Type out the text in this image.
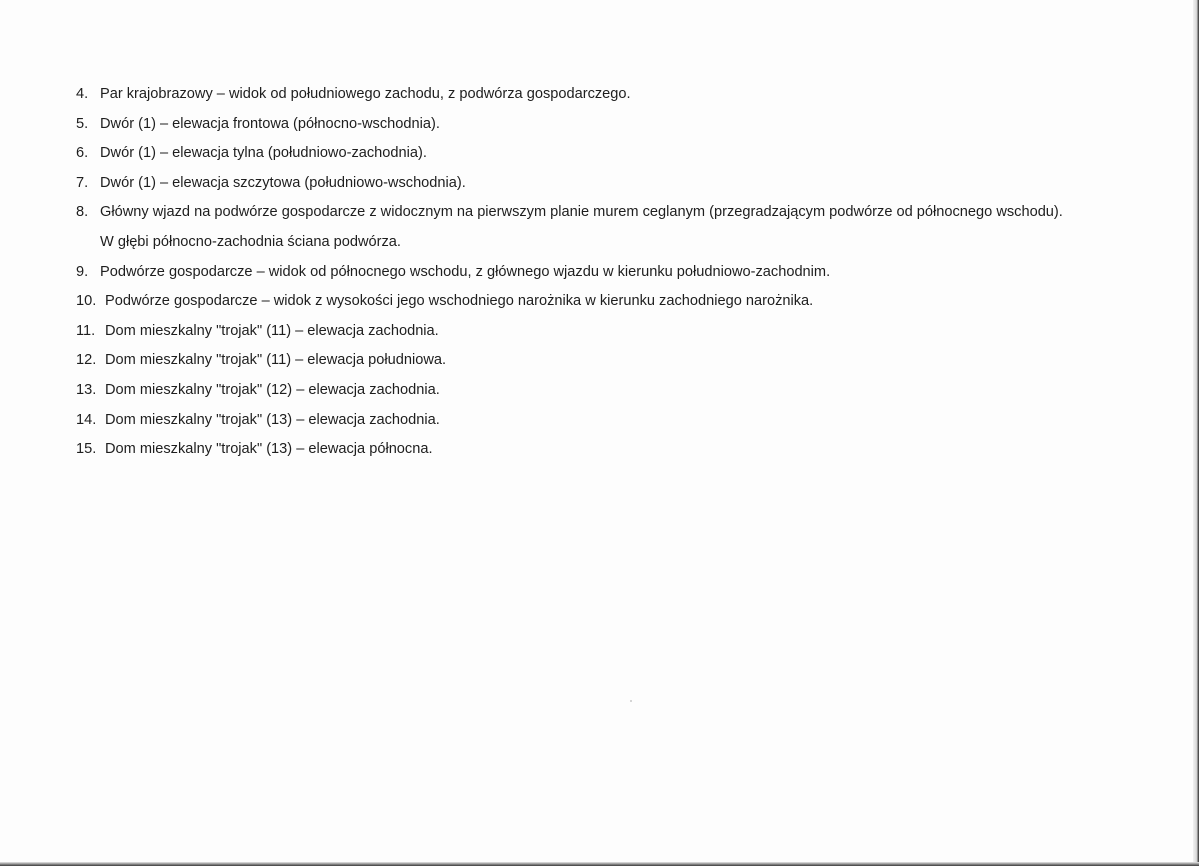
4. Par krajobrazowy – widok od południowego zachodu, z podwórza gospodarczego.
5. Dwór (1) – elewacja frontowa (północno-wschodnia).
6. Dwór (1) – elewacja tylna (południowo-zachodnia).
7. Dwór (1) – elewacja szczytowa (południowo-wschodnia).
8. Główny wjazd na podwórze gospodarcze z widocznym na pierwszym planie murem ceglanym (przegradzającym podwórze od północnego wschodu). W głębi północno-zachodnia ściana podwórza.
9. Podwórze gospodarcze – widok od północnego wschodu, z głównego wjazdu w kierunku południowo-zachodnim.
10. Podwórze gospodarcze – widok z wysokości jego wschodniego narożnika w kierunku zachodniego narożnika.
11. Dom mieszkalny "trojak" (11) – elewacja zachodnia.
12. Dom mieszkalny "trojak" (11) – elewacja południowa.
13. Dom mieszkalny "trojak" (12) – elewacja zachodnia.
14. Dom mieszkalny "trojak" (13) – elewacja zachodnia.
15. Dom mieszkalny "trojak" (13) – elewacja północna.
